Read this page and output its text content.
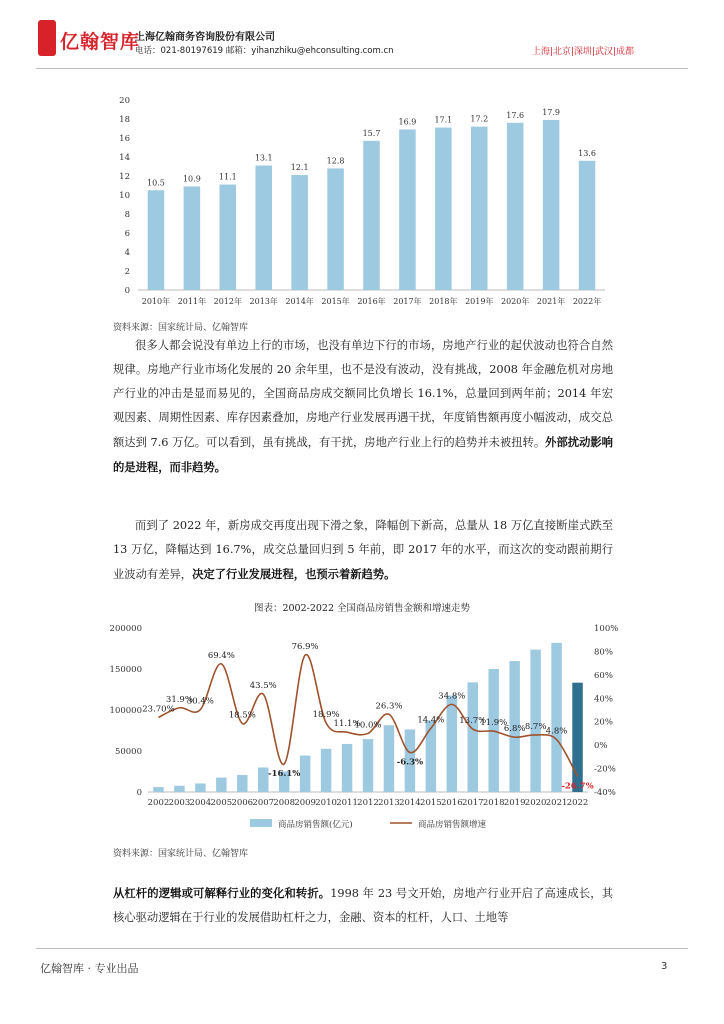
亿翰智库
上海亿翰商务咨询股份有限公司
电话：021-80197619 邮箱：yihanzhiku@ehconsulting.com.cn	上海|北京|深圳|武汉|成都
0
2
4
6
8
10
12
14
16
18
20
10.5
2010年
10.9
2011年
11.1
2012年
13.1
2013年
12.1
2014年
12.8
2015年
15.7
2016年
16.9
2017年
17.1
2018年
17.2
2019年
17.6
2020年
17.9
2021年
13.6
2022年
资料来源：国家统计局、亿翰智库

很多人都会说没有单边上行的市场，也没有单边下行的市场，房地产行业的起伏波动也符合自然规律。房地产行业市场化发展的 20 余年里，也不是没有波动，没有挑战，2008 年金融危机对房地产行业的冲击是显而易见的，全国商品房成交额同比负增长 16.1%，总量回到两年前；2014 年宏观因素、周期性因素、库存因素叠加，房地产行业发展再遇干扰，年度销售额再度小幅波动，成交总额达到 7.6 万亿。可以看到，虽有挑战，有干扰，房地产行业上行的趋势并未被扭转。外部扰动影响的是进程，而非趋势。

而到了 2022 年，新房成交再度出现下滑之象，降幅创下新高，总量从 18 万亿直接断崖式跌至 13 万亿，降幅达到 16.7%，成交总量回归到 5 年前，即 2017 年的水平，而这次的变动跟前期行业波动有差异，决定了行业发展进程，也预示着新趋势。

图表：2002-2022 全国商品房销售金额和增速走势
0
50000
100000
150000
200000
-40%
-20%
0%
20%
40%
60%
80%
100%
2002 2003 2004 2005 2006 2007 2008 2009 2010 2011 2012 2013 2014 2015 2016 2017 2018 2019 2020 2021 2022
23.70%
31.9%
30.4%
69.4%
18.5%
43.5%
-16.1%
76.9%
18.9%
11.1%
10.0%
26.3%
-6.3%
14.4%
34.8%
13.7%
11.9%
6.8% 8.7% 4.8%
-26.7%
商品房销售额(亿元)	商品房销售额增速
资料来源：国家统计局、亿翰智库

从杠杆的逻辑或可解释行业的变化和转折。1998 年 23 号文开始，房地产行业开启了高速成长，其核心驱动逻辑在于行业的发展借助杠杆之力，金融、资本的杠杆，人口、土地等

亿翰智库 · 专业出品	3
